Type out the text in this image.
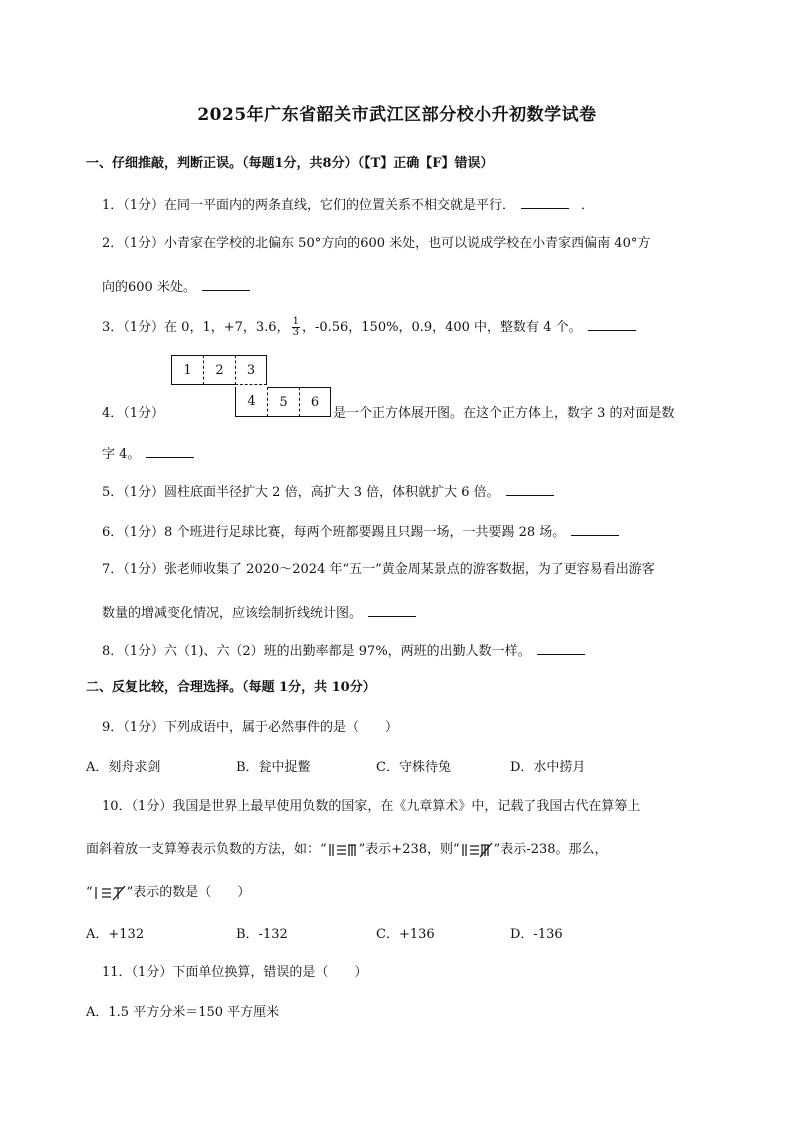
2025年广东省韶关市武江区部分校小升初数学试卷
一、仔细推敲，判断正误。（每题1分，共8分）（【T】正确【F】错误）
1．（1分）在同一平面内的两条直线，它们的位置关系不相交就是平行．	．
2．（1分）小青家在学校的北偏东 50°方向的600 米处，也可以说成学校在小青家西偏南 40°方
向的600 米处。
3．（1分）在 0，1，+7，3.6， $\frac{1}{3}$ ，-0.56，150%，0.9，400 中，整数有 4 个。
1	2	3
4	5	6
4．（1分）	是一个正方体展开图。在这个正方体上，数字 3 的对面是数
字 4。
5．（1分）圆柱底面半径扩大 2 倍，高扩大 3 倍，体积就扩大 6 倍。
6．（1分）8 个班进行足球比赛，每两个班都要踢且只踢一场，一共要踢 28 场。
7．（1分）张老师收集了 2020～2024 年“五一”黄金周某景点的游客数据，为了更容易看出游客
数量的增减变化情况，应该绘制折线统计图。
8．（1分）六（1)、六（2）班的出勤率都是 97%，两班的出勤人数一样。
二、反复比较，合理选择。（每题 1分，共 10分）
9．（1分）下列成语中，属于必然事件的是（　　）
A．刻舟求剑	B．瓮中捉鳖	C．守株待兔	D．水中捞月
10．（1分）我国是世界上最早使用负数的国家，在《九章算术》中，记载了我国古代在算筹上
面斜着放一支算筹表示负数的方法，如：“ ”表示+238，则“	”表示-238。那么，
“	”表示的数是（　　）
A．+132	B．-132	C．+136	D．-136
11．（1分）下面单位换算，错误的是（　　）
A．1.5 平方分米＝150 平方厘米
